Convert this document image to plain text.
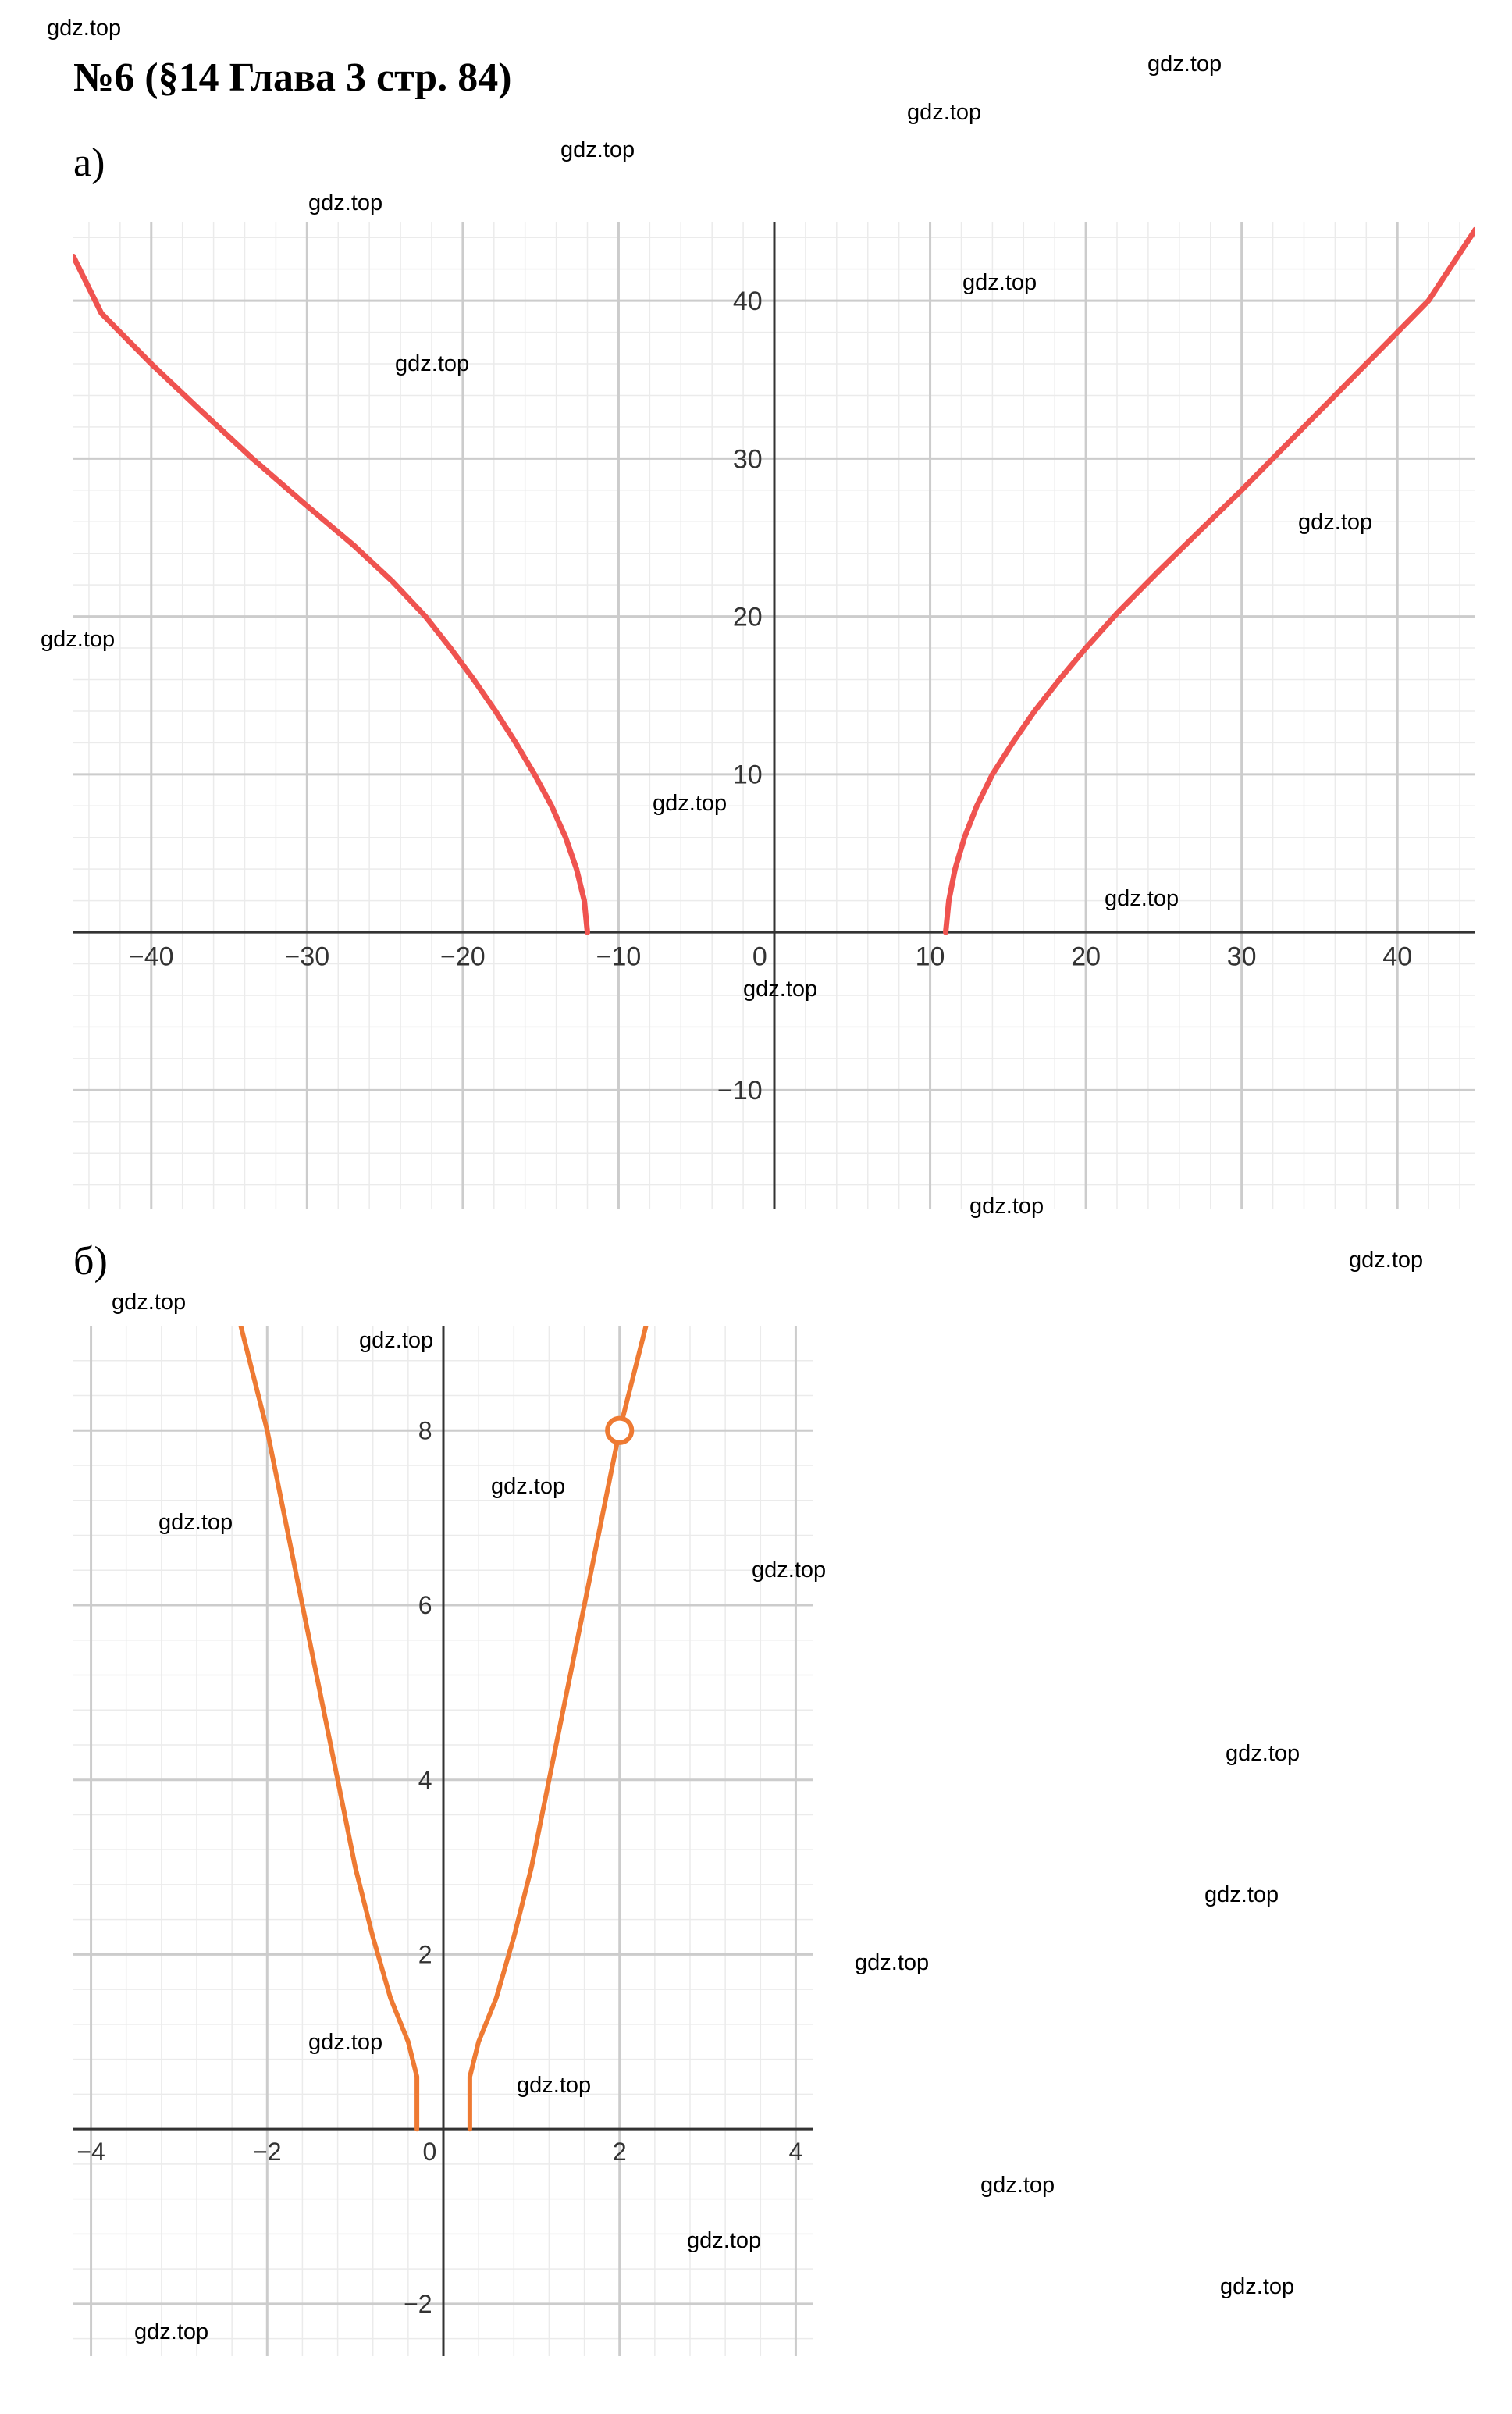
№6 (§14 Глава 3 стр. 84)
а)
б)
−40	−30	−20	−10	0	10	20	30	40
−10
10
20
30
40
−4	−2	0	2	4
−2
2
4
6
8
gdz.top
gdz.top
gdz.top
gdz.top
gdz.top
gdz.top
gdz.top
gdz.top
gdz.top
gdz.top
gdz.top
gdz.top
gdz.top
gdz.top
gdz.top
gdz.top
gdz.top
gdz.top
gdz.top
gdz.top
gdz.top
gdz.top
gdz.top
gdz.top
gdz.top
gdz.top
gdz.top
gdz.top
